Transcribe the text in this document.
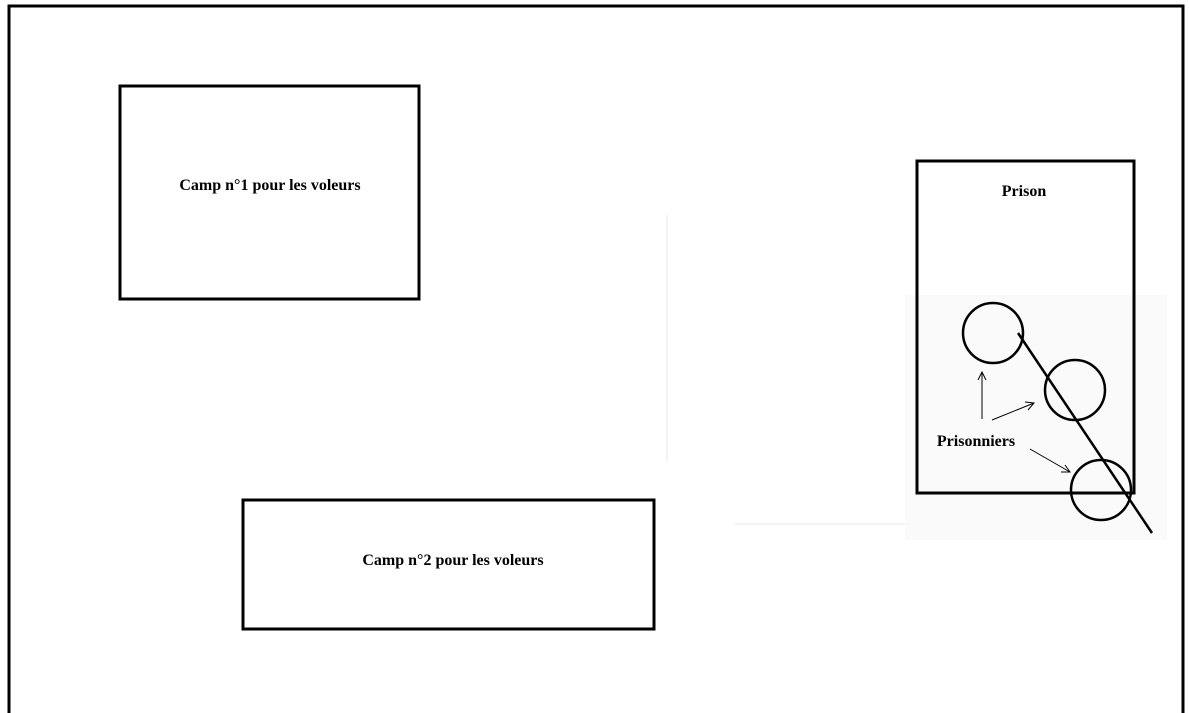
Camp n°1 pour les voleurs
Camp n°2 pour les voleurs
Prison
Prisonniers
